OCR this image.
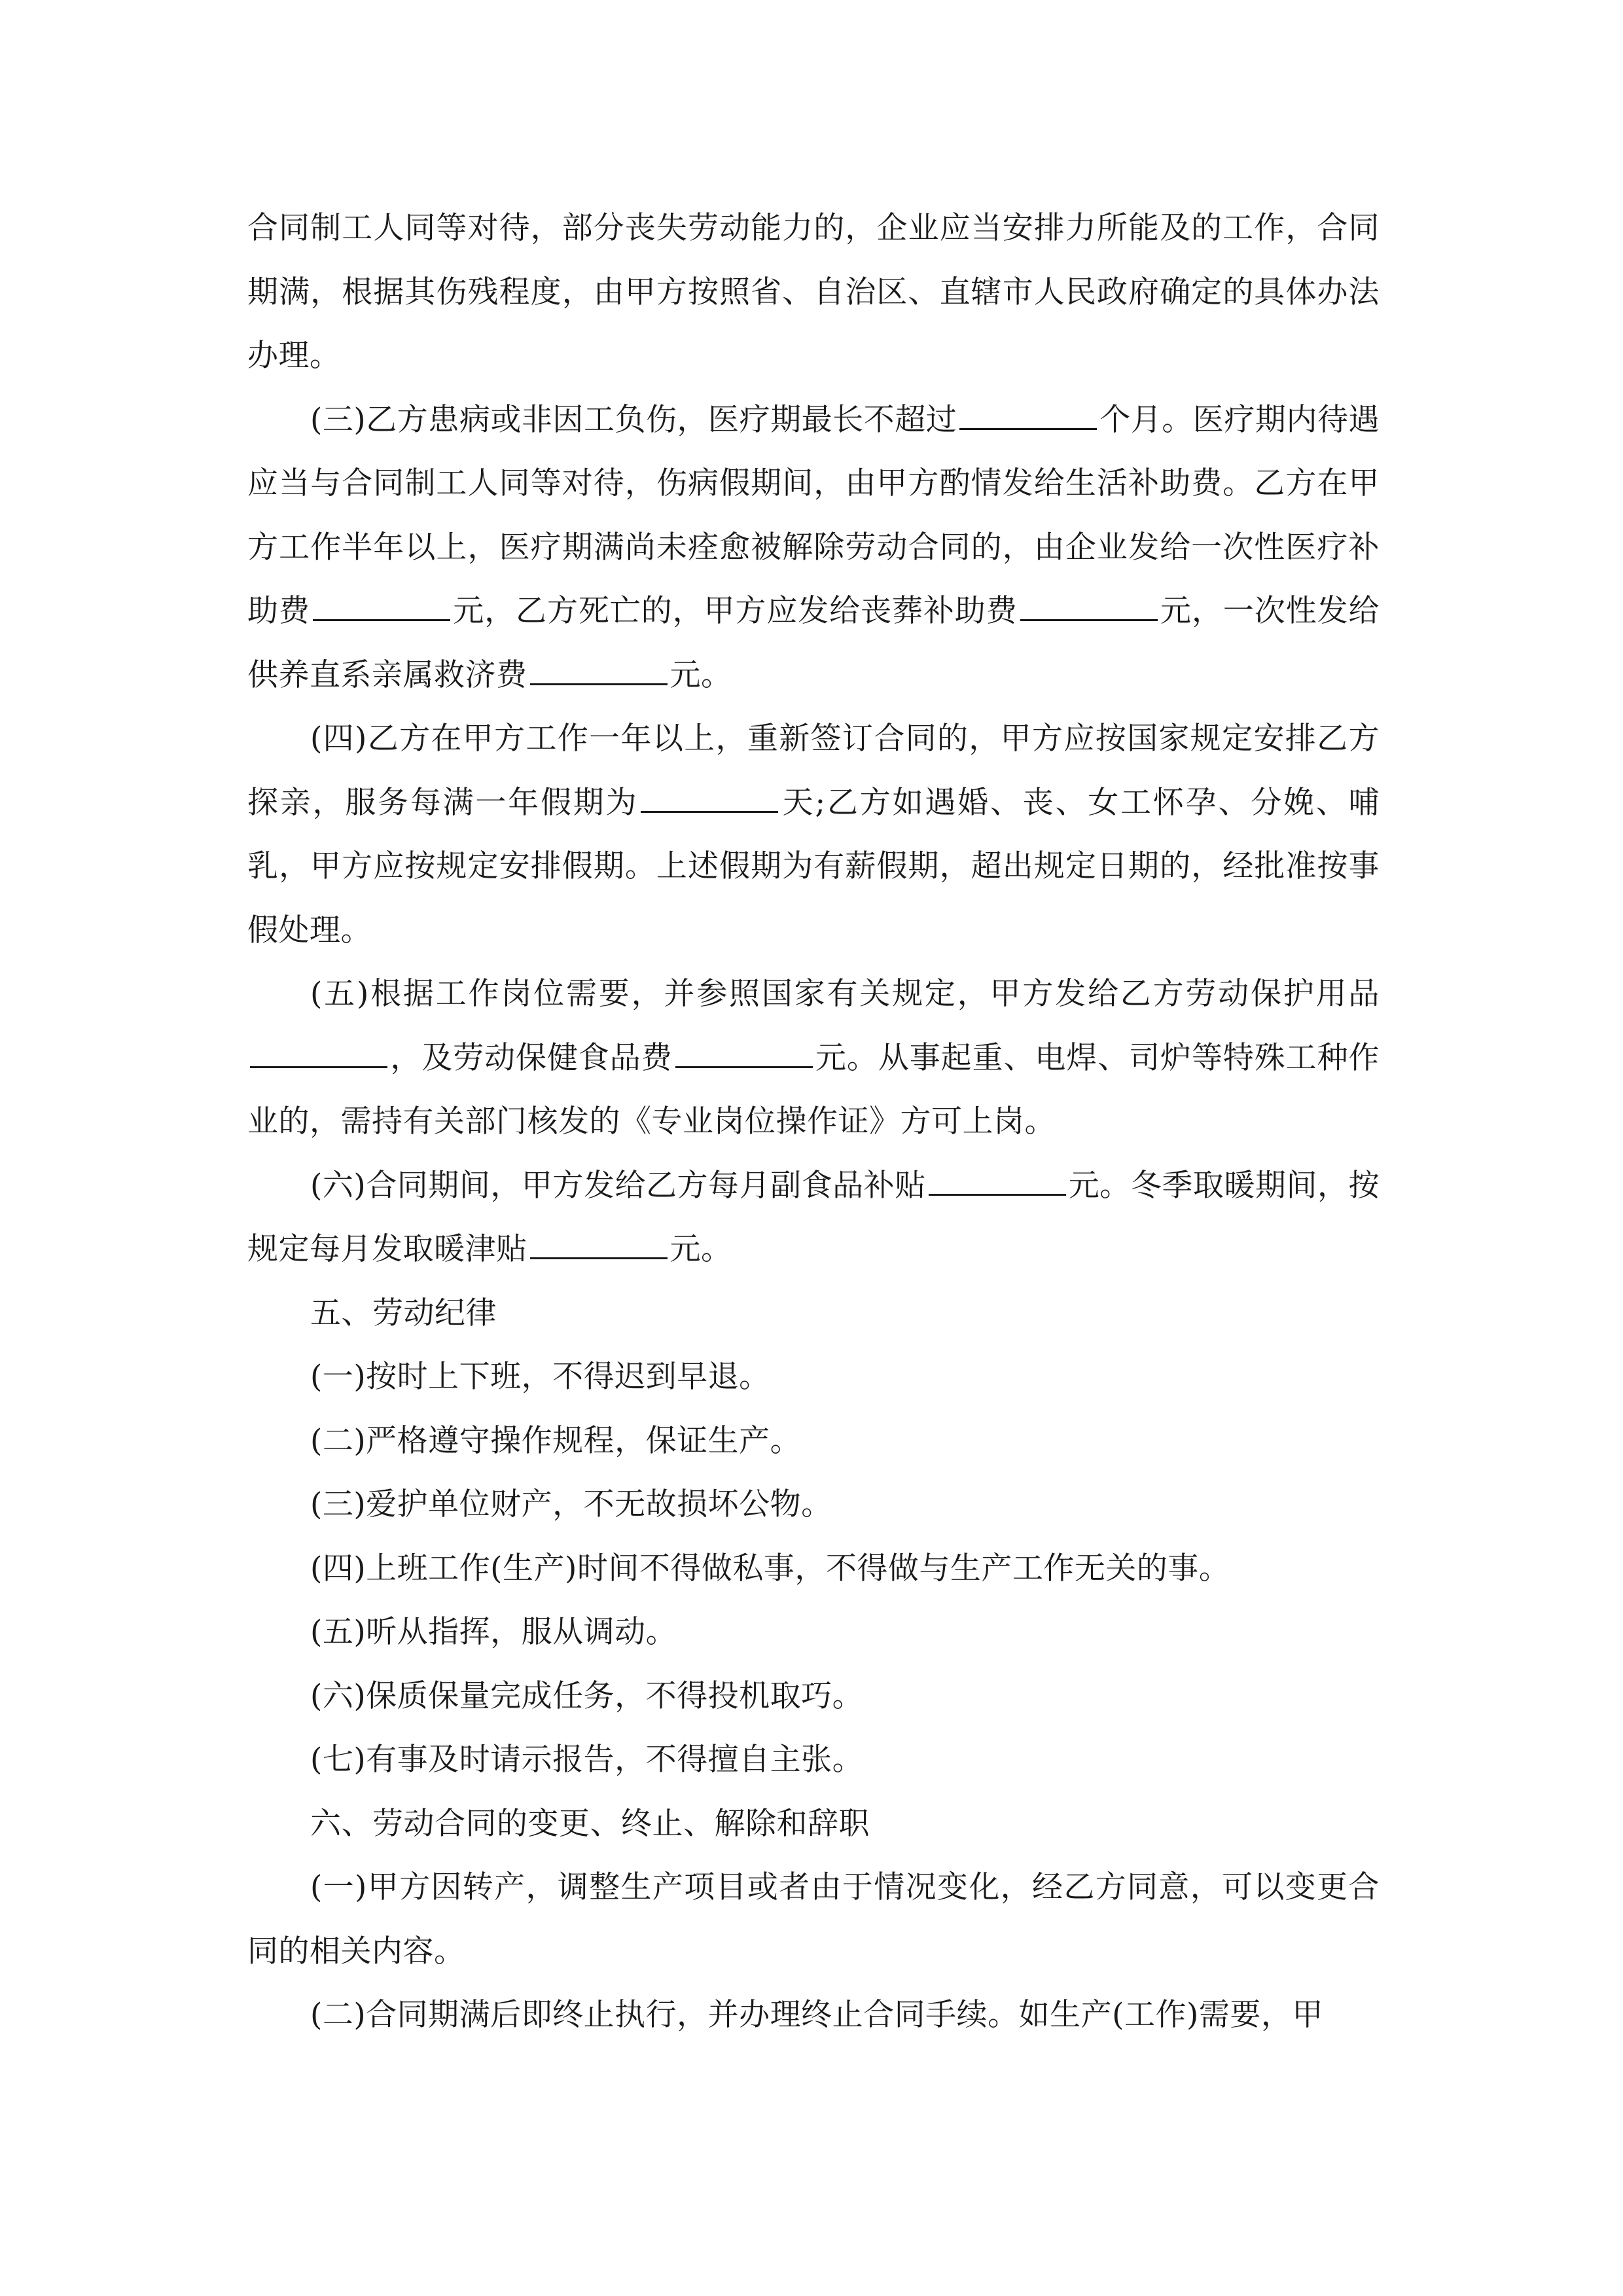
合同制工人同等对待，部分丧失劳动能力的，企业应当安排力所能及的工作，合同期满，根据其伤残程度，由甲方按照省、自治区、直辖市人民政府确定的具体办法办理。

(三)乙方患病或非因工负伤，医疗期最长不超过	个月。医疗期内待遇应当与合同制工人同等对待，伤病假期间，由甲方酌情发给生活补助费。乙方在甲方工作半年以上，医疗期满尚未痊愈被解除劳动合同的，由企业发给一次性医疗补助费	元，乙方死亡的，甲方应发给丧葬补助费	元，一次性发给供养直系亲属救济费	元。

(四)乙方在甲方工作一年以上，重新签订合同的，甲方应按国家规定安排乙方探亲，服务每满一年假期为	天;乙方如遇婚、丧、女工怀孕、分娩、哺乳，甲方应按规定安排假期。上述假期为有薪假期，超出规定日期的，经批准按事假处理。

(五)根据工作岗位需要，并参照国家有关规定，甲方发给乙方劳动保护用品，及劳动保健食品费	元。从事起重、电焊、司炉等特殊工种作业的，需持有关部门核发的《专业岗位操作证》方可上岗。

(六)合同期间，甲方发给乙方每月副食品补贴	元。冬季取暖期间，按规定每月发取暖津贴	元。

五、劳动纪律

(一)按时上下班，不得迟到早退。

(二)严格遵守操作规程，保证生产。

(三)爱护单位财产，不无故损坏公物。

(四)上班工作(生产)时间不得做私事，不得做与生产工作无关的事。

(五)听从指挥，服从调动。

(六)保质保量完成任务，不得投机取巧。

(七)有事及时请示报告，不得擅自主张。

六、劳动合同的变更、终止、解除和辞职

(一)甲方因转产，调整生产项目或者由于情况变化，经乙方同意，可以变更合同的相关内容。

(二)合同期满后即终止执行，并办理终止合同手续。如生产(工作)需要，甲
